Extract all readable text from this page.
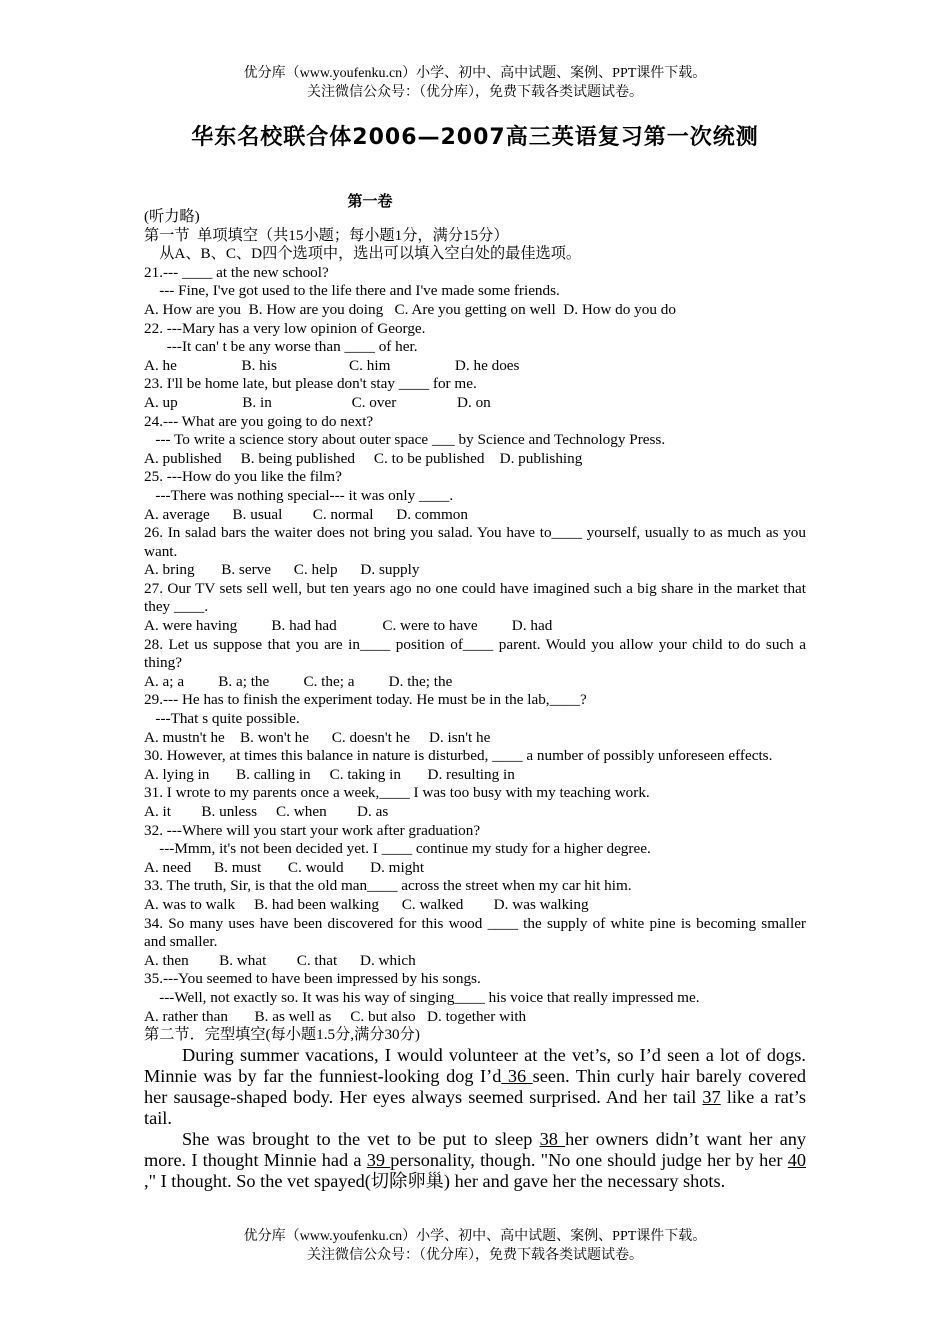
优分库（www.youfenku.cn）小学、初中、高中试题、案例、PPT课件下载。
关注微信公众号：（优分库），免费下载各类试题试卷。
华东名校联合体2006—2007高三英语复习第一次统测
第一卷
(听力略)
第一节  单项填空（共15小题；每小题1分，满分15分）
从A、B、C、D四个选项中，选出可以填入空白处的最佳选项。
21.--- ____ at the new school?
--- Fine, I've got used to the life there and I've made some friends.
A. How are you  B. How are you doing   C. Are you getting on well  D. How do you do
22. ---Mary has a very low opinion of George.
---It can' t be any worse than ____ of her.
A. he                 B. his                   C. him                 D. he does
23. I'll be home late, but please don't stay ____ for me.
A. up                 B. in                     C. over                D. on
24.--- What are you going to do next?
--- To write a science story about outer space ___ by Science and Technology Press.
A. published     B. being published     C. to be published    D. publishing
25. ---How do you like the film?
---There was nothing special--- it was only ____.
A. average      B. usual        C. normal      D. common
26. In salad bars the waiter does not bring you salad. You have to____ yourself, usually to as much as you want.
A. bring       B. serve      C. help      D. supply
27. Our TV sets sell well, but ten years ago no one could have imagined such a big share in the market that they ____.
A. were having         B. had had            C. were to have         D. had
28. Let us suppose that you are in____ position of____ parent. Would you allow your child to do such a thing?
A. a; a         B. a; the         C. the; a         D. the; the
29.--- He has to finish the experiment today. He must be in the lab,____?
---That s quite possible.
A. mustn't he    B. won't he      C. doesn't he     D. isn't he
30. However, at times this balance in nature is disturbed, ____ a number of possibly unforeseen effects.
A. lying in       B. calling in     C. taking in       D. resulting in
31. I wrote to my parents once a week,____ I was too busy with my teaching work.
A. it        B. unless     C. when        D. as
32. ---Where will you start your work after graduation?
---Mmm, it's not been decided yet. I ____ continue my study for a higher degree.
A. need      B. must       C. would       D. might
33. The truth, Sir, is that the old man____ across the street when my car hit him.
A. was to walk     B. had been walking      C. walked        D. was walking
34. So many uses have been discovered for this wood ____ the supply of white pine is becoming smaller and smaller.
A. then        B. what        C. that      D. which
35.---You seemed to have been impressed by his songs.
---Well, not exactly so. It was his way of singing____ his voice that really impressed me.
A. rather than       B. as well as     C. but also   D. together with
第二节．完型填空(每小题1.5分,满分30分)

During summer vacations, I would volunteer at the vet’s, so I’d seen a lot of dogs. Minnie was by far the funniest-looking dog I’d 36 seen. Thin curly hair barely covered her sausage-shaped body. Her eyes always seemed surprised. And her tail 37 like a rat’s tail.

She was brought to the vet to be put to sleep 38 her owners didn’t want her any more. I thought Minnie had a 39 personality, though. "No one should judge her by her 40 ," I thought. So the vet spayed(切除卵巢) her and gave her the necessary shots.

优分库（www.youfenku.cn）小学、初中、高中试题、案例、PPT课件下载。
关注微信公众号：（优分库），免费下载各类试题试卷。
